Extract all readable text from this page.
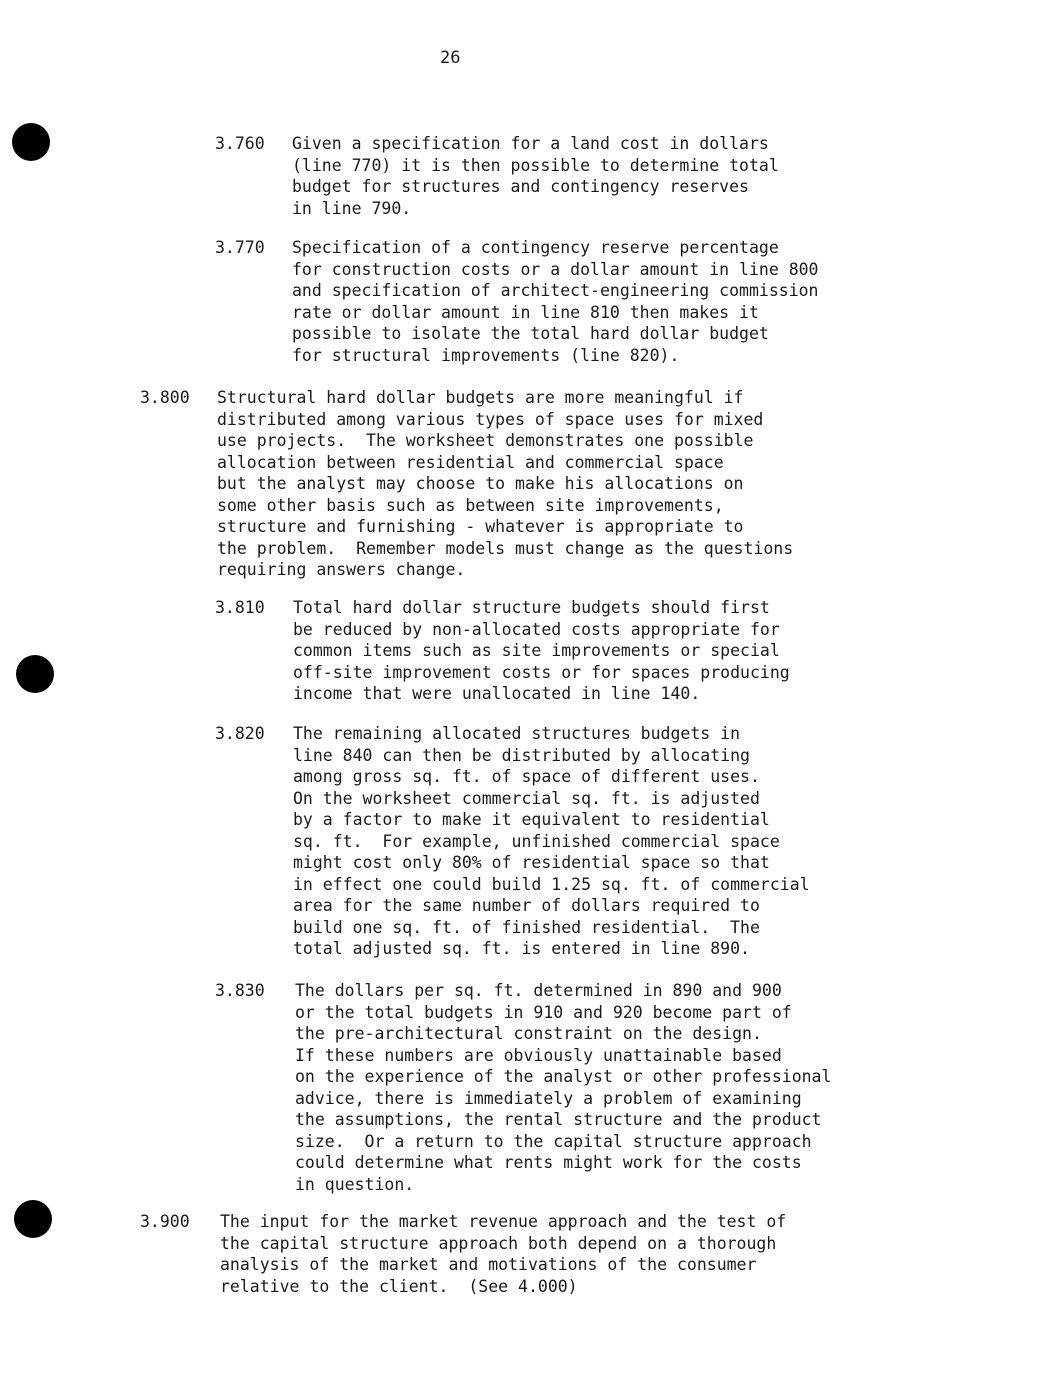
26
3.760 Given a specification for a land cost in dollars
(line 770) it is then possible to determine total
budget for structures and contingency reserves
in line 790.
3.770 Specification of a contingency reserve percentage
for construction costs or a dollar amount in line 800
and specification of architect-engineering commission
rate or dollar amount in line 810 then makes it
possible to isolate the total hard dollar budget
for structural improvements (line 820).
3.800 Structural hard dollar budgets are more meaningful if
distributed among various types of space uses for mixed
use projects.  The worksheet demonstrates one possible
allocation between residential and commercial space
but the analyst may choose to make his allocations on
some other basis such as between site improvements,
structure and furnishing - whatever is appropriate to
the problem.  Remember models must change as the questions
requiring answers change.
3.810 Total hard dollar structure budgets should first
be reduced by non-allocated costs appropriate for
common items such as site improvements or special
off-site improvement costs or for spaces producing
income that were unallocated in line 140.
3.820 The remaining allocated structures budgets in
line 840 can then be distributed by allocating
among gross sq. ft. of space of different uses.
On the worksheet commercial sq. ft. is adjusted
by a factor to make it equivalent to residential
sq. ft.  For example, unfinished commercial space
might cost only 80% of residential space so that
in effect one could build 1.25 sq. ft. of commercial
area for the same number of dollars required to
build one sq. ft. of finished residential.  The
total adjusted sq. ft. is entered in line 890.
3.830 The dollars per sq. ft. determined in 890 and 900
or the total budgets in 910 and 920 become part of
the pre-architectural constraint on the design.
If these numbers are obviously unattainable based
on the experience of the analyst or other professional
advice, there is immediately a problem of examining
the assumptions, the rental structure and the product
size.  Or a return to the capital structure approach
could determine what rents might work for the costs
in question.
3.900 The input for the market revenue approach and the test of
the capital structure approach both depend on a thorough
analysis of the market and motivations of the consumer
relative to the client.  (See 4.000)
